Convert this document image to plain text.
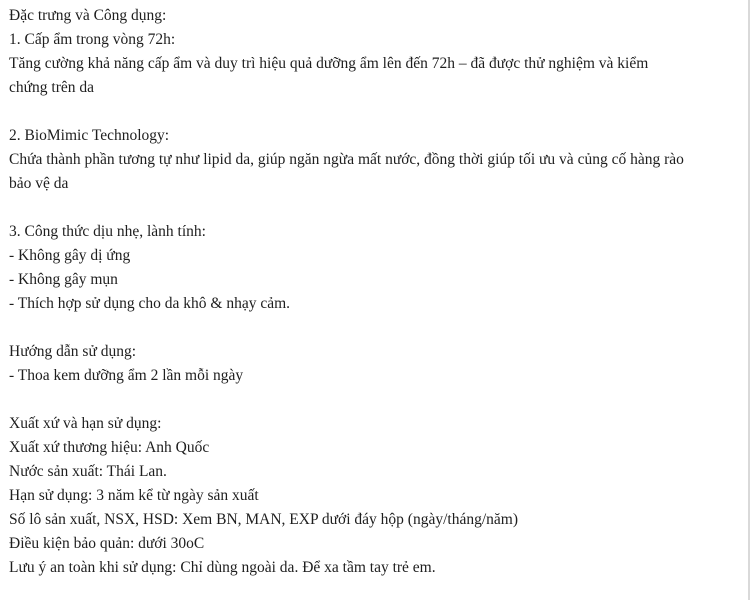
Đặc trưng và Công dụng:
1. Cấp ẩm trong vòng 72h:
Tăng cường khả năng cấp ẩm và duy trì hiệu quả dưỡng ẩm lên đến 72h – đã được thử nghiệm và kiểm
chứng trên da
2. BioMimic Technology:
Chứa thành phần tương tự như lipid da, giúp ngăn ngừa mất nước, đồng thời giúp tối ưu và củng cố hàng rào
bảo vệ da
3. Công thức dịu nhẹ, lành tính:
- Không gây dị ứng
- Không gây mụn
- Thích hợp sử dụng cho da khô & nhạy cảm.
Hướng dẫn sử dụng:
- Thoa kem dưỡng ẩm 2 lần mỗi ngày
Xuất xứ và hạn sử dụng:
Xuất xứ thương hiệu: Anh Quốc
Nước sản xuất: Thái Lan.
Hạn sử dụng: 3 năm kể từ ngày sản xuất
Số lô sản xuất, NSX, HSD: Xem BN, MAN, EXP dưới đáy hộp (ngày/tháng/năm)
Điều kiện bảo quản: dưới 30oC
Lưu ý an toàn khi sử dụng: Chỉ dùng ngoài da. Để xa tầm tay trẻ em.
